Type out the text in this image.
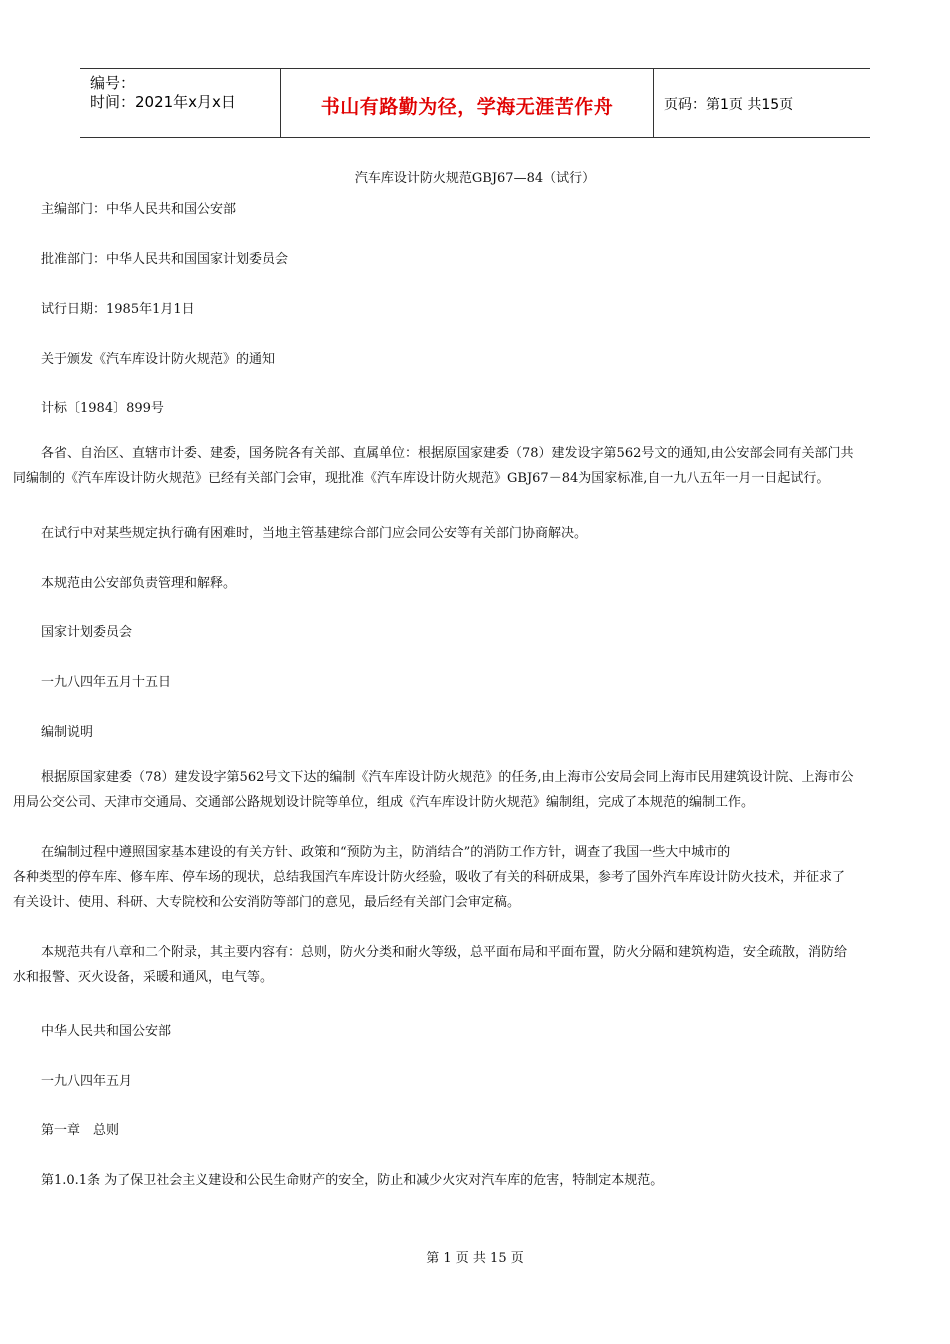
编号：
时间：2021年x月x日	书山有路勤为径，学海无涯苦作舟	页码：第1页 共15页
汽车库设计防火规范GBJ67—84（试行）
主编部门：中华人民共和国公安部
批准部门：中华人民共和国国家计划委员会
试行日期：1985年1月1日
关于颁发《汽车库设计防火规范》的通知
计标〔1984〕899号
各省、自治区、直辖市计委、建委，国务院各有关部、直属单位：根据原国家建委（78）建发设字第562号文的通知,由公安部会同有关部门共
同编制的《汽车库设计防火规范》已经有关部门会审，现批准《汽车库设计防火规范》GBJ67－84为国家标准,自一九八五年一月一日起试行。
在试行中对某些规定执行确有困难时，当地主管基建综合部门应会同公安等有关部门协商解决。
本规范由公安部负责管理和解释。
国家计划委员会
一九八四年五月十五日
编制说明
根据原国家建委（78）建发设字第562号文下达的编制《汽车库设计防火规范》的任务,由上海市公安局会同上海市民用建筑设计院、上海市公
用局公交公司、天津市交通局、交通部公路规划设计院等单位，组成《汽车库设计防火规范》编制组，完成了本规范的编制工作。
在编制过程中遵照国家基本建设的有关方针、政策和“预防为主，防消结合”的消防工作方针，调查了我国一些大中城市的
各种类型的停车库、修车库、停车场的现状，总结我国汽车库设计防火经验，吸收了有关的科研成果，参考了国外汽车库设计防火技术，并征求了
有关设计、使用、科研、大专院校和公安消防等部门的意见，最后经有关部门会审定稿。
本规范共有八章和二个附录，其主要内容有：总则，防火分类和耐火等级，总平面布局和平面布置，防火分隔和建筑构造，安全疏散，消防给
水和报警、灭火设备，采暖和通风，电气等。
中华人民共和国公安部
一九八四年五月
第一章　总则
第1.0.1条 为了保卫社会主义建设和公民生命财产的安全，防止和减少火灾对汽车库的危害，特制定本规范。
第 1 页 共 15 页
